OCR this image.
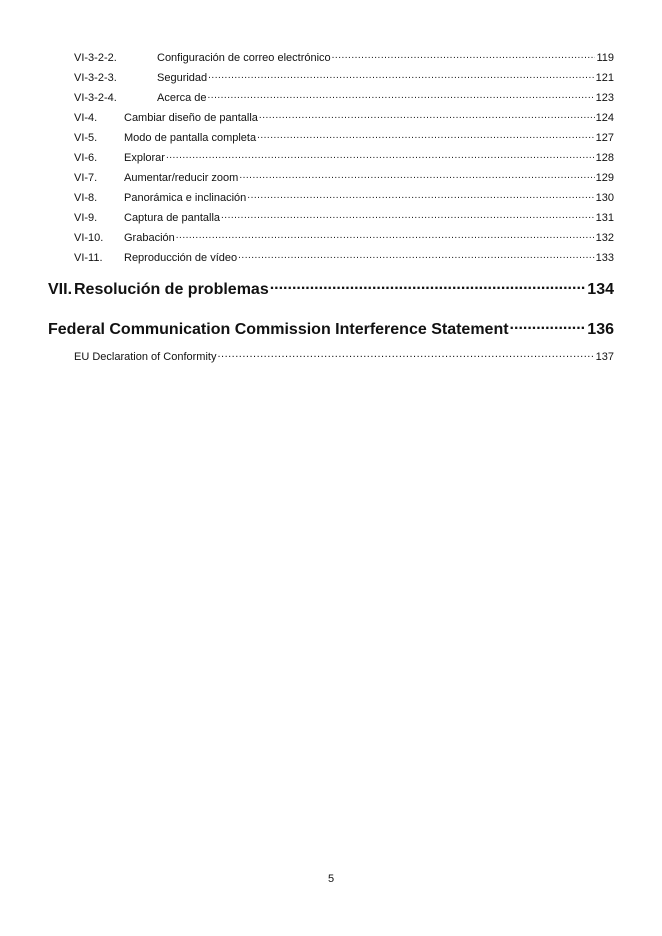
VI-3-2-2.	Configuración de correo electrónico .....	119
VI-3-2-3.	Seguridad .....	121
VI-3-2-4.	Acerca de .....	123
VI-4.	Cambiar diseño de pantalla .....	124
VI-5.	Modo de pantalla completa .....	127
VI-6.	Explorar .....	128
VI-7.	Aumentar/reducir zoom .....	129
VI-8.	Panorámica e inclinación .....	130
VI-9.	Captura de pantalla .....	131
VI-10.	Grabación .....	132
VI-11.	Reproducción de vídeo .....	133
VII. Resolución de problemas .....	134
Federal Communication Commission Interference Statement .....	136
EU Declaration of Conformity .....	137
5
